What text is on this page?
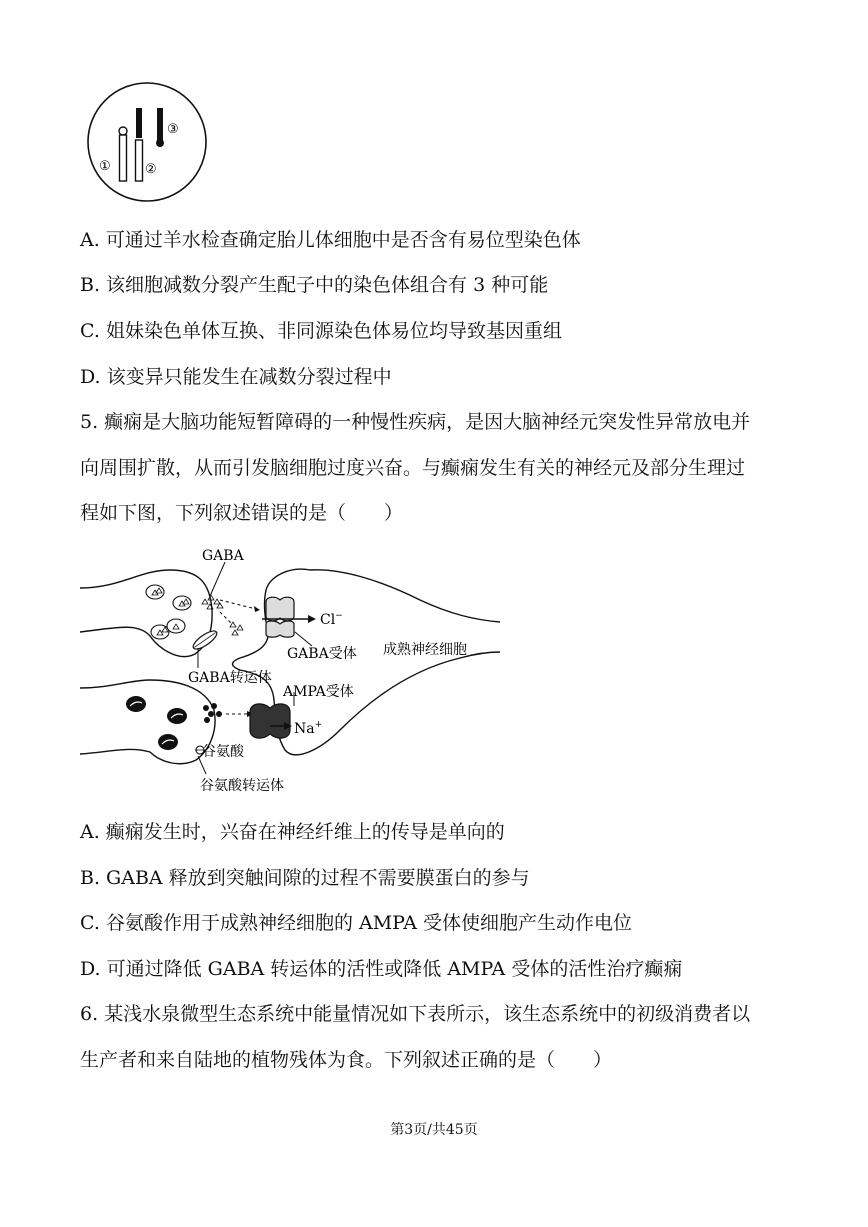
①	②
③
A. 可通过羊水检查确定胎儿体细胞中是否含有易位型染色体
B. 该细胞减数分裂产生配子中的染色体组合有 3 种可能
C. 姐妹染色单体互换、非同源染色体易位均导致基因重组
D. 该变异只能发生在减数分裂过程中
5. 癫痫是大脑功能短暂障碍的一种慢性疾病，是因大脑神经元突发性异常放电并
向周围扩散，从而引发脑细胞过度兴奋。与癫痫发生有关的神经元及部分生理过
程如下图，下列叙述错误的是（　　）
GABA
GABA转运体
Cl−
GABA受体 成熟神经细胞
谷氨酸
谷氨酸转运体
AMPA受体
Na+
A. 癫痫发生时，兴奋在神经纤维上的传导是单向的
B. GABA 释放到突触间隙的过程不需要膜蛋白的参与
C. 谷氨酸作用于成熟神经细胞的 AMPA 受体使细胞产生动作电位
D. 可通过降低 GABA 转运体的活性或降低 AMPA 受体的活性治疗癫痫
6. 某浅水泉微型生态系统中能量情况如下表所示，该生态系统中的初级消费者以
生产者和来自陆地的植物残体为食。下列叙述正确的是（　　）
第3页/共45页
